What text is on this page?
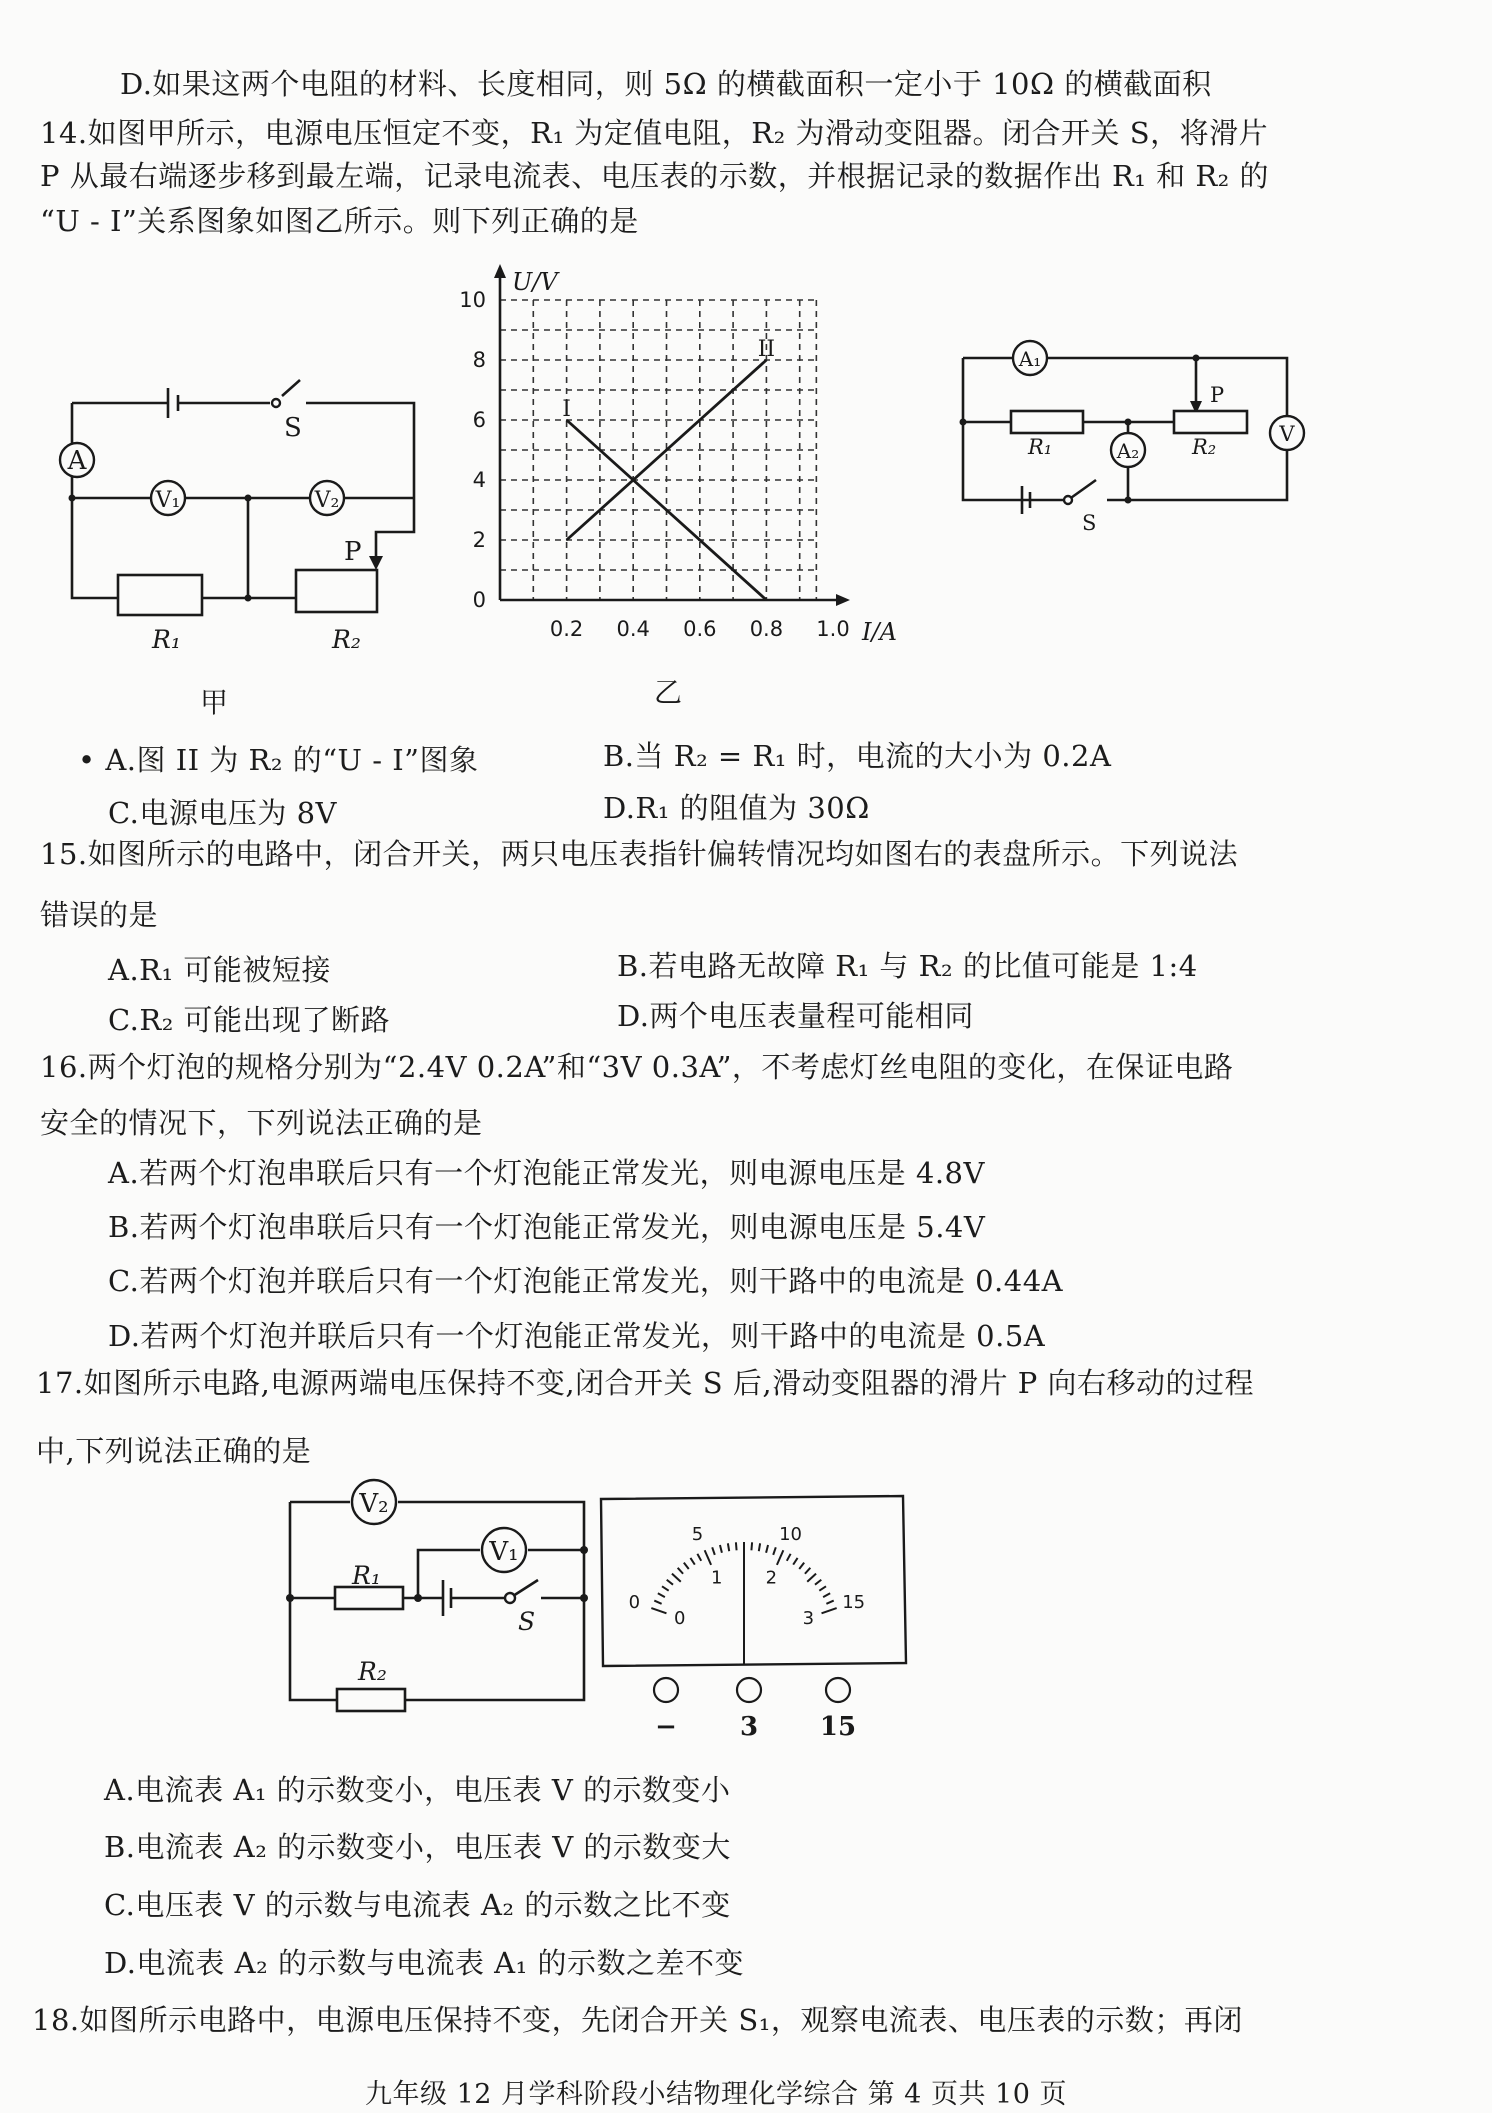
D.如果这两个电阻的材料、长度相同，则 5Ω 的横截面积一定小于 10Ω 的横截面积
14.如图甲所示，电源电压恒定不变，R₁ 为定值电阻，R₂ 为滑动变阻器。闭合开关 S，将滑片
P 从最右端逐步移到最左端，记录电流表、电压表的示数，并根据记录的数据作出 R₁ 和 R₂ 的
“U - I”关系图象如图乙所示。则下列正确的是
• A.图 II 为 R₂ 的“U - I”图象	B.当 R₂ = R₁ 时，电流的大小为 0.2A
C.电源电压为 8V	D.R₁ 的阻值为 30Ω
15.如图所示的电路中，闭合开关，两只电压表指针偏转情况均如图右的表盘所示。下列说法
错误的是
A.R₁ 可能被短接	B.若电路无故障 R₁ 与 R₂ 的比值可能是 1:4
C.R₂ 可能出现了断路	D.两个电压表量程可能相同
16.两个灯泡的规格分别为“2.4V 0.2A”和“3V 0.3A”，不考虑灯丝电阻的变化，在保证电路
安全的情况下，下列说法正确的是
A.若两个灯泡串联后只有一个灯泡能正常发光，则电源电压是 4.8V
B.若两个灯泡串联后只有一个灯泡能正常发光，则电源电压是 5.4V
C.若两个灯泡并联后只有一个灯泡能正常发光，则干路中的电流是 0.44A
D.若两个灯泡并联后只有一个灯泡能正常发光，则干路中的电流是 0.5A
17.如图所示电路,电源两端电压保持不变,闭合开关 S 后,滑动变阻器的滑片 P 向右移动的过程
中,下列说法正确的是
A.电流表 A₁ 的示数变小，电压表 V 的示数变小
B.电流表 A₂ 的示数变小，电压表 V 的示数变大
C.电压表 V 的示数与电流表 A₂ 的示数之比不变
D.电流表 A₂ 的示数与电流表 A₁ 的示数之差不变
18.如图所示电路中，电源电压保持不变，先闭合开关 S₁，观察电流表、电压表的示数；再闭
九年级 12 月学科阶段小结物理化学综合 第 4 页共 10 页
A
V₁	V₂
S
P
R₁	R₂
甲
0.2 0.4 0.6 0.8 1.0
0
2
4
6
8
10
I
II
U/V
I/A
乙
A₁
A₂
V
P
S
R₁	R₂
V₂
V₁
R₁
R₂
S
0
5	10
15
0
1 2
3
− 3 15
